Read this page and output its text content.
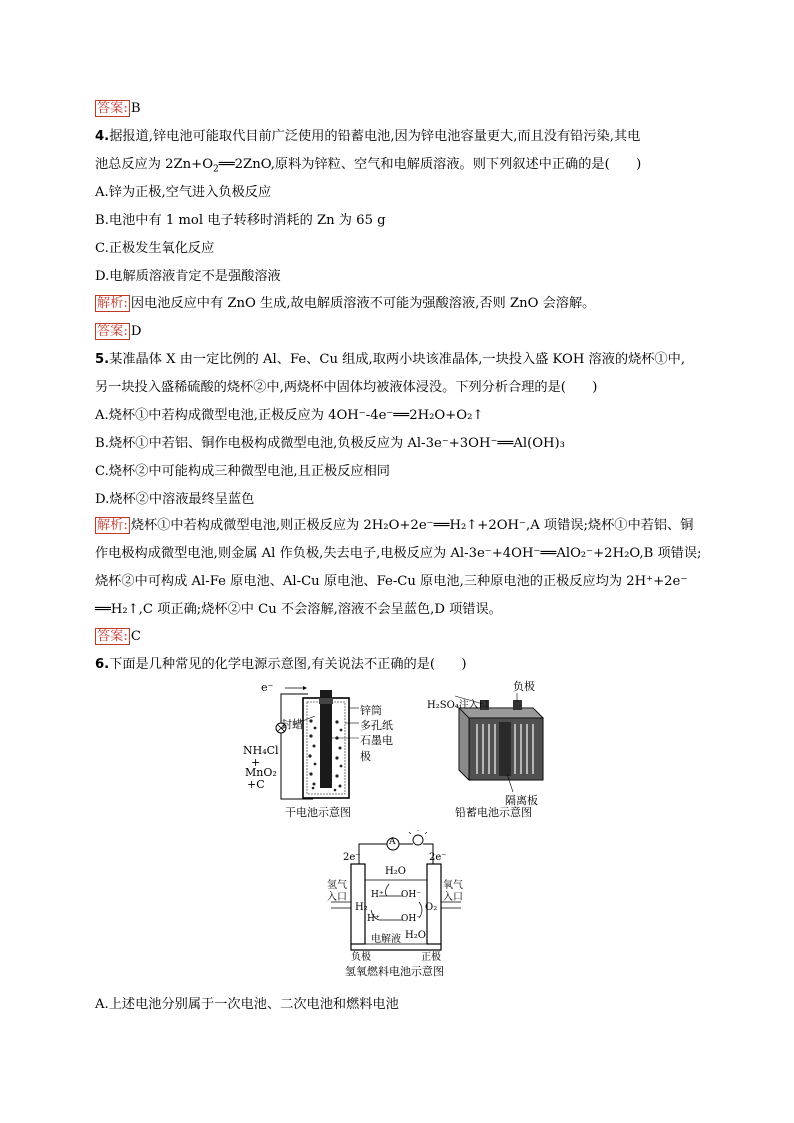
答案: B
4.据报道,锌电池可能取代目前广泛使用的铅蓄电池,因为锌电池容量更大,而且没有铅污染,其电
池总反应为 $2Zn+O_2══2ZnO$,原料为锌粒、空气和电解质溶液。则下列叙述中正确的是(　　)
A.锌为正极,空气进入负极反应
B.电池中有 1 mol 电子转移时消耗的 Zn 为 65 g
C.正极发生氧化反应
D.电解质溶液肯定不是强酸溶液
解析: 因电池反应中有 ZnO 生成,故电解质溶液不可能为强酸溶液,否则 ZnO 会溶解。
答案: D
5.某准晶体 X 由一定比例的 Al、Fe、Cu 组成,取两小块该准晶体,一块投入盛 KOH 溶液的烧杯①中,
另一块投入盛稀硫酸的烧杯②中,两烧杯中固体均被液体浸没。下列分析合理的是(　　)
A.烧杯①中若构成微型电池,正极反应为 4OH⁻-4e⁻══2H₂O+O₂↑
B.烧杯①中若铝、铜作电极构成微型电池,负极反应为 Al-3e⁻+3OH⁻══Al(OH)₃
C.烧杯②中可能构成三种微型电池,且正极反应相同
D.烧杯②中溶液最终呈蓝色
解析: 烧杯①中若构成微型电池,则正极反应为 2H₂O+2e⁻══H₂↑+2OH⁻,A 项错误;烧杯①中若铝、铜
作电极构成微型电池,则金属 Al 作负极,失去电子,电极反应为 Al-3e⁻+4OH⁻══AlO₂⁻+2H₂O,B 项错误;
烧杯②中可构成 Al-Fe 原电池、Al-Cu 原电池、Fe-Cu 原电池,三种原电池的正极反应均为 2H⁺+2e⁻
══H₂↑,C 项正确;烧杯②中 Cu 不会溶解,溶液不会呈蓝色,D 项错误。
答案: C
6.下面是几种常见的化学电源示意图,有关说法不正确的是(　　)
e⁻
封蜡
锌筒
多孔纸
石墨电极
NH₄Cl
+
MnO₂
+C
干电池示意图
H₂SO₄注入口
负极
隔离板
铅蓄电池示意图
2e⁻	2e⁻
A
H₂O
氢气
入口
氧气
入口
H⁺ OH⁻
H⁺ OH⁻
H₂	O₂
电解液 H₂O
负极	正极
氢氧燃料电池示意图
A.上述电池分别属于一次电池、二次电池和燃料电池
